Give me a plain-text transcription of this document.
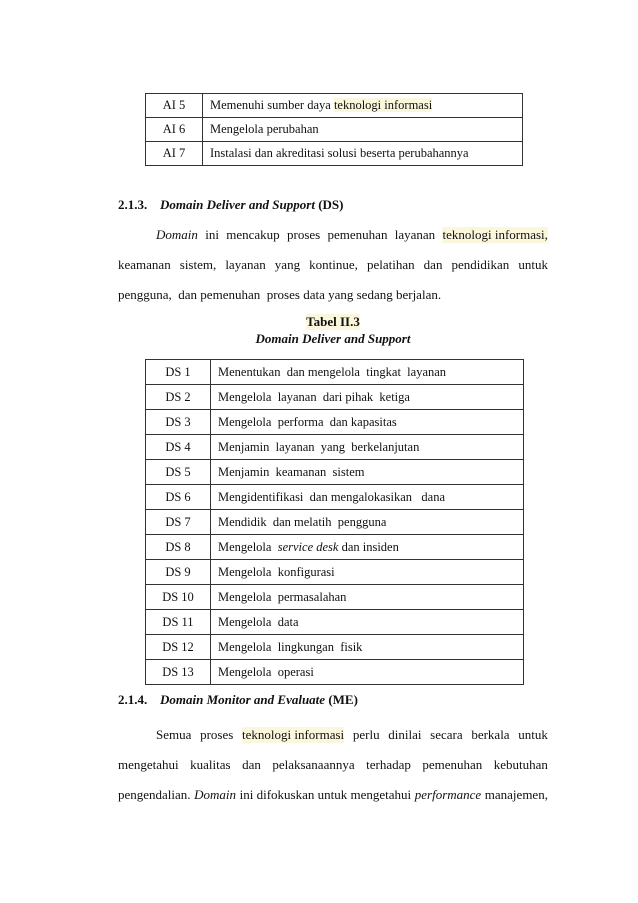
AI 5	Memenuhi sumber daya teknologi informasi
AI 6	Mengelola perubahan
AI 7	Instalasi dan akreditasi solusi beserta perubahannya
2.1.3. Domain Deliver and Support (DS)
Domain ini mencakup proses pemenuhan layanan teknologi informasi,
keamanan sistem, layanan yang kontinue, pelatihan dan pendidikan untuk
pengguna,  dan pemenuhan  proses data yang sedang berjalan.
Tabel II.3
Domain Deliver and Support
DS 1	Menentukan  dan mengelola  tingkat  layanan
DS 2	Mengelola  layanan  dari pihak  ketiga
DS 3	Mengelola  performa  dan kapasitas
DS 4	Menjamin  layanan  yang  berkelanjutan
DS 5	Menjamin  keamanan  sistem
DS 6	Mengidentifikasi  dan mengalokasikan   dana
DS 7	Mendidik  dan melatih  pengguna
DS 8	Mengelola  service desk dan insiden
DS 9	Mengelola  konfigurasi
DS 10	Mengelola  permasalahan
DS 11	Mengelola  data
DS 12	Mengelola  lingkungan  fisik
DS 13	Mengelola  operasi
2.1.4. Domain Monitor and Evaluate (ME)
Semua proses teknologi informasi perlu dinilai secara berkala untuk
mengetahui kualitas dan pelaksanaannya terhadap pemenuhan kebutuhan
pengendalian. Domain ini difokuskan untuk mengetahui performance manajemen,
